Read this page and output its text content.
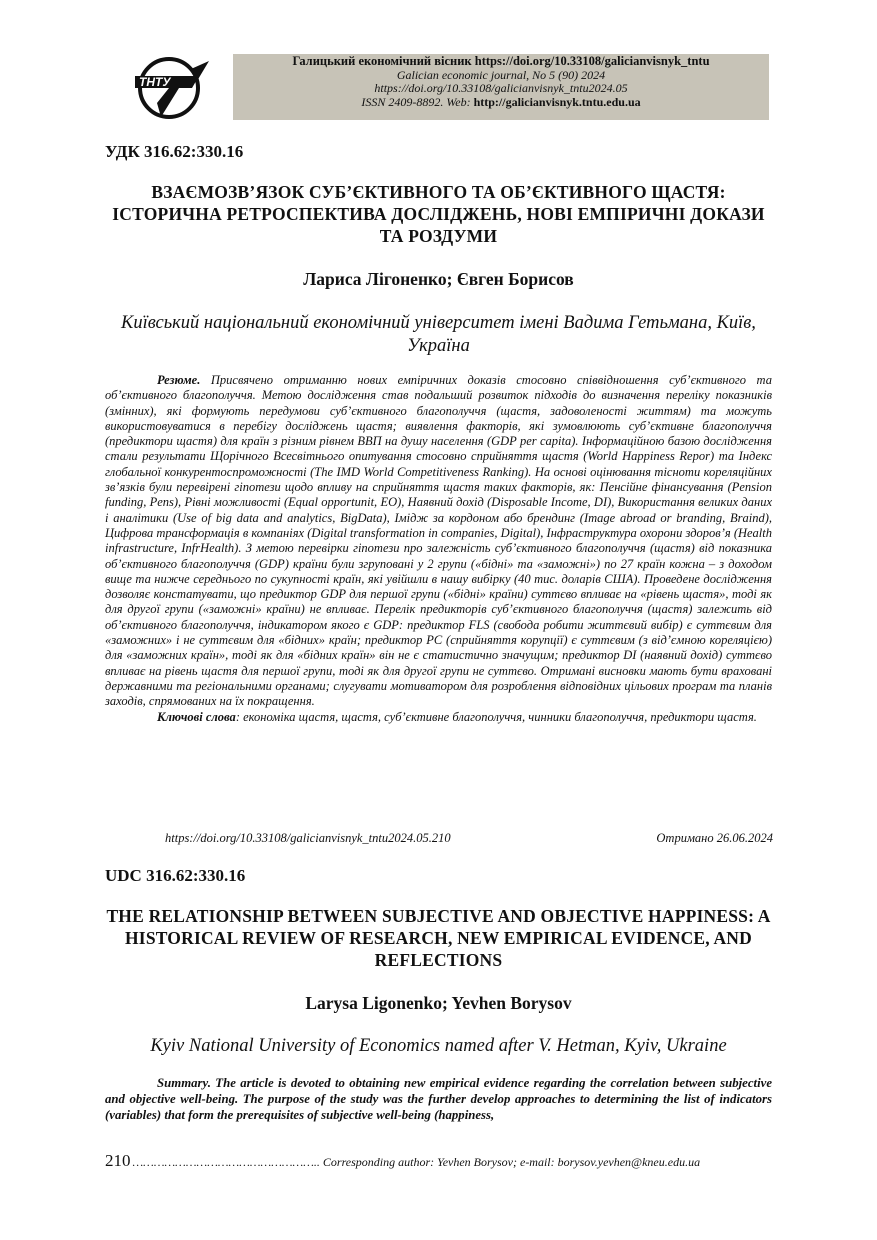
ТНТУ
Галицький економічний вісник https://doi.org/10.33108/galicianvisnyk_tntu
Galician economic journal, No 5 (90) 2024
https://doi.org/10.33108/galicianvisnyk_tntu2024.05
ISSN 2409-8892. Web: http://galicianvisnyk.tntu.edu.ua
УДК 316.62:330.16
ВЗАЄМОЗВ’ЯЗОК СУБ’ЄКТИВНОГО ТА ОБ’ЄКТИВНОГО ЩАСТЯ: ІСТОРИЧНА РЕТРОСПЕКТИВА ДОСЛІДЖЕНЬ, НОВІ ЕМПІРИЧНІ ДОКАЗИ ТА РОЗДУМИ
Лариса Лігоненко; Євген Борисов
Київський національний економічний університет імені Вадима Гетьмана, Київ, Україна

Резюме. Присвячено отриманню нових емпіричних доказів стосовно співвідношення суб’єктивного та об’єктивного благополуччя. Метою дослідження став подальший розвиток підходів до визначення переліку показників (змінних), які формують передумови суб’єктивного благополуччя (щастя, задоволеності життям) та можуть використовуватися в перебігу досліджень щастя; виявлення факторів, які зумовлюють суб’єктивне благополуччя (предиктори щастя) для країн з різним рівнем ВВП на душу населення (GDP per capita). Інформаційною базою дослідження стали результати Щорічного Всесвітнього опитування стосовно сприйняття щастя (World Happiness Repor) та Індекс глобальної конкурентоспроможності (The IMD World Competitiveness Ranking). На основі оцінювання тісноти кореляційних зв’язків були перевірені гіпотези щодо впливу на сприйняття щастя таких факторів, як: Пенсійне фінансування (Pension funding, Pens), Рівні можливості (Equal opportunit, EO), Наявний дохід (Disposable Income, DI), Використання великих даних і аналітики (Use of big data and analytics, BigData), Імідж за кордоном або брендинг (Image abroad or branding, Braind), Цифрова трансформація в компаніях (Digital transformation in companies, Digital), Інфраструктура охорони здоров’я (Health infrastructure, InfrHealth). З метою перевірки гіпотези про залежність суб’єктивного благополуччя (щастя) від показника об’єктивного благополуччя (GDP) країни були згруповані у 2 групи («бідні» та «заможні») по 27 країн кожна – з доходом вище та нижче середнього по сукупності країн, які увійшли в нашу вибірку (40 тис. доларів США). Проведене дослідження дозволяє констатувати, що предиктор GDP для першої групи («бідні» країни) суттєво впливає на «рівень щастя», тоді як для другої групи («заможні» країни) не впливає. Перелік предикторів суб’єктивного благополуччя (щастя) залежить від об’єктивного благополуччя, індикатором якого є GDP: предиктор FLS (свобода робити життєвий вибір) є суттєвим для «заможних» і не суттєвим для «бідних» країн; предиктор PC (сприйняття корупції) є суттєвим (з від’ємною кореляцією) для «заможних країн», тоді як для «бідних країн» він не є статистично значущим; предиктор DI (наявний дохід) суттєво впливає на рівень щастя для першої групи, тоді як для другої групи не суттєво. Отримані висновки мають бути враховані державними та регіональними органами; слугувати мотиватором для розроблення відповідних цільових програм та планів заходів, спрямованих на їх покращення.

Ключові слова: економіка щастя, щастя, суб’єктивне благополуччя, чинники благополуччя, предиктори щастя.

https://doi.org/10.33108/galicianvisnyk_tntu2024.05.210	Отримано 26.06.2024
UDC 316.62:330.16
THE RELATIONSHIP BETWEEN SUBJECTIVE AND OBJECTIVE HAPPINESS: A HISTORICAL REVIEW OF RESEARCH, NEW EMPIRICAL EVIDENCE, AND REFLECTIONS
Larysa Ligonenko; Yevhen Borysov
Kyiv National University of Economics named after V. Hetman, Kyiv, Ukraine

Summary. The article is devoted to obtaining new empirical evidence regarding the correlation between subjective and objective well-being. The purpose of the study was the further develop approaches to determining the list of indicators (variables) that form the prerequisites of subjective well-being (happiness,

210 …………………………………………….. Corresponding author: Yevhen Borysov; e-mail: borysov.yevhen@kneu.edu.ua
